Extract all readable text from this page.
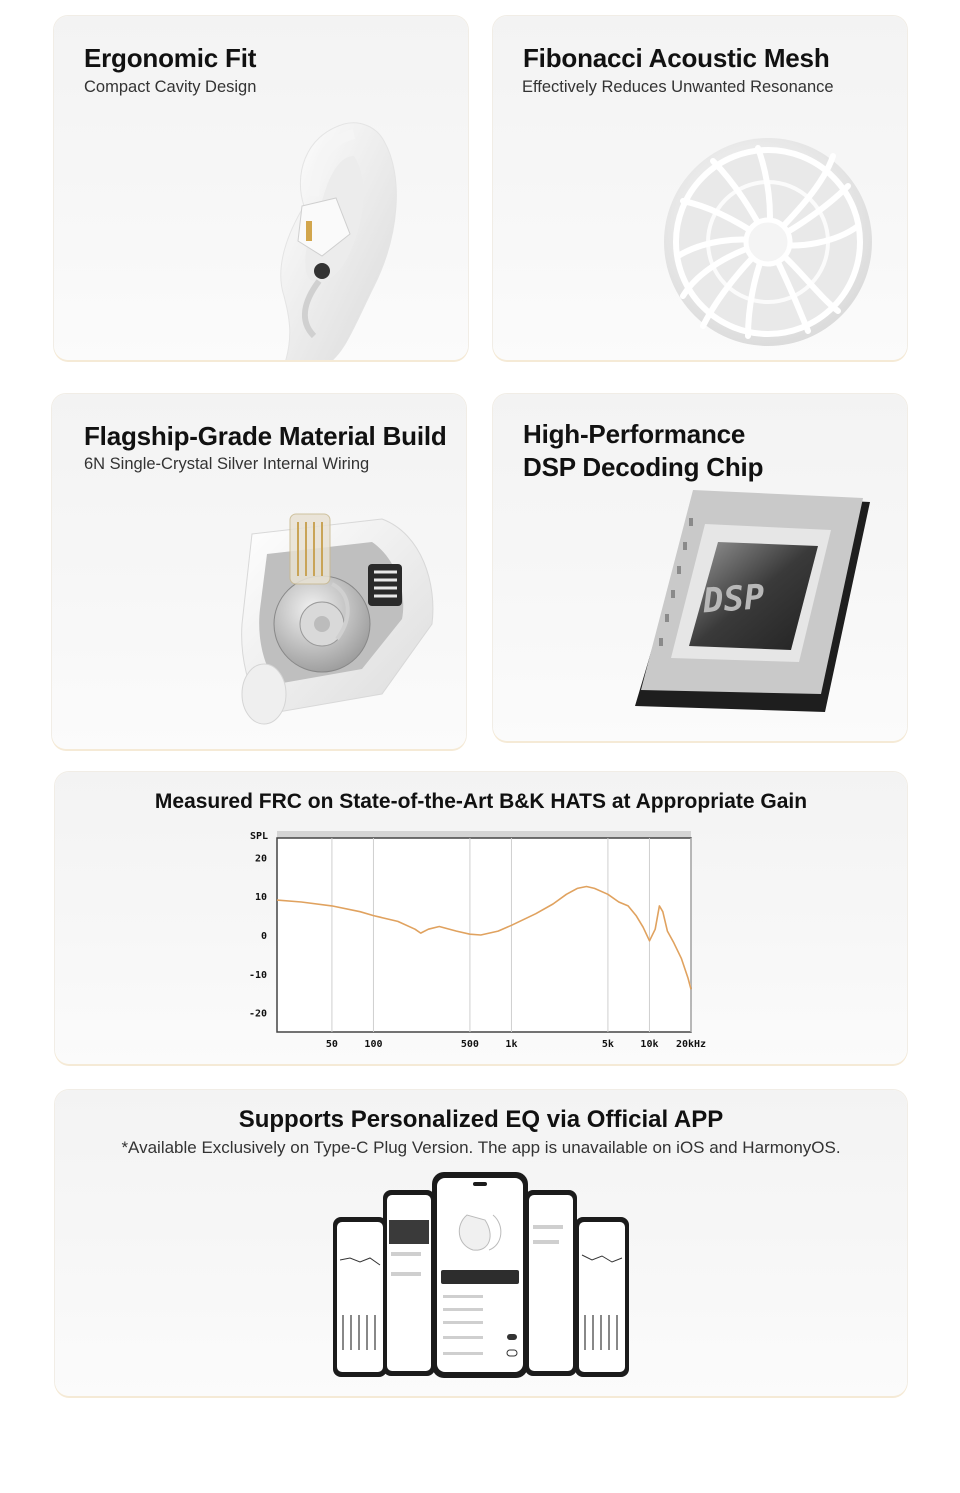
Ergonomic Fit
Compact Cavity Design
Fibonacci Acoustic Mesh
Effectively Reduces Unwanted Resonance
Flagship-Grade Material Build
6N Single-Crystal Silver Internal Wiring
High-Performance
DSP Decoding Chip
DSP
Measured FRC on State-of-the-Art B&K HATS at Appropriate Gain
50	100	500	1k	5k	10k 20kHz
20
10
0
-10
-20
SPL
Supports Personalized EQ via Official APP
*Available Exclusively on Type-C Plug Version. The app is unavailable on iOS and HarmonyOS.
